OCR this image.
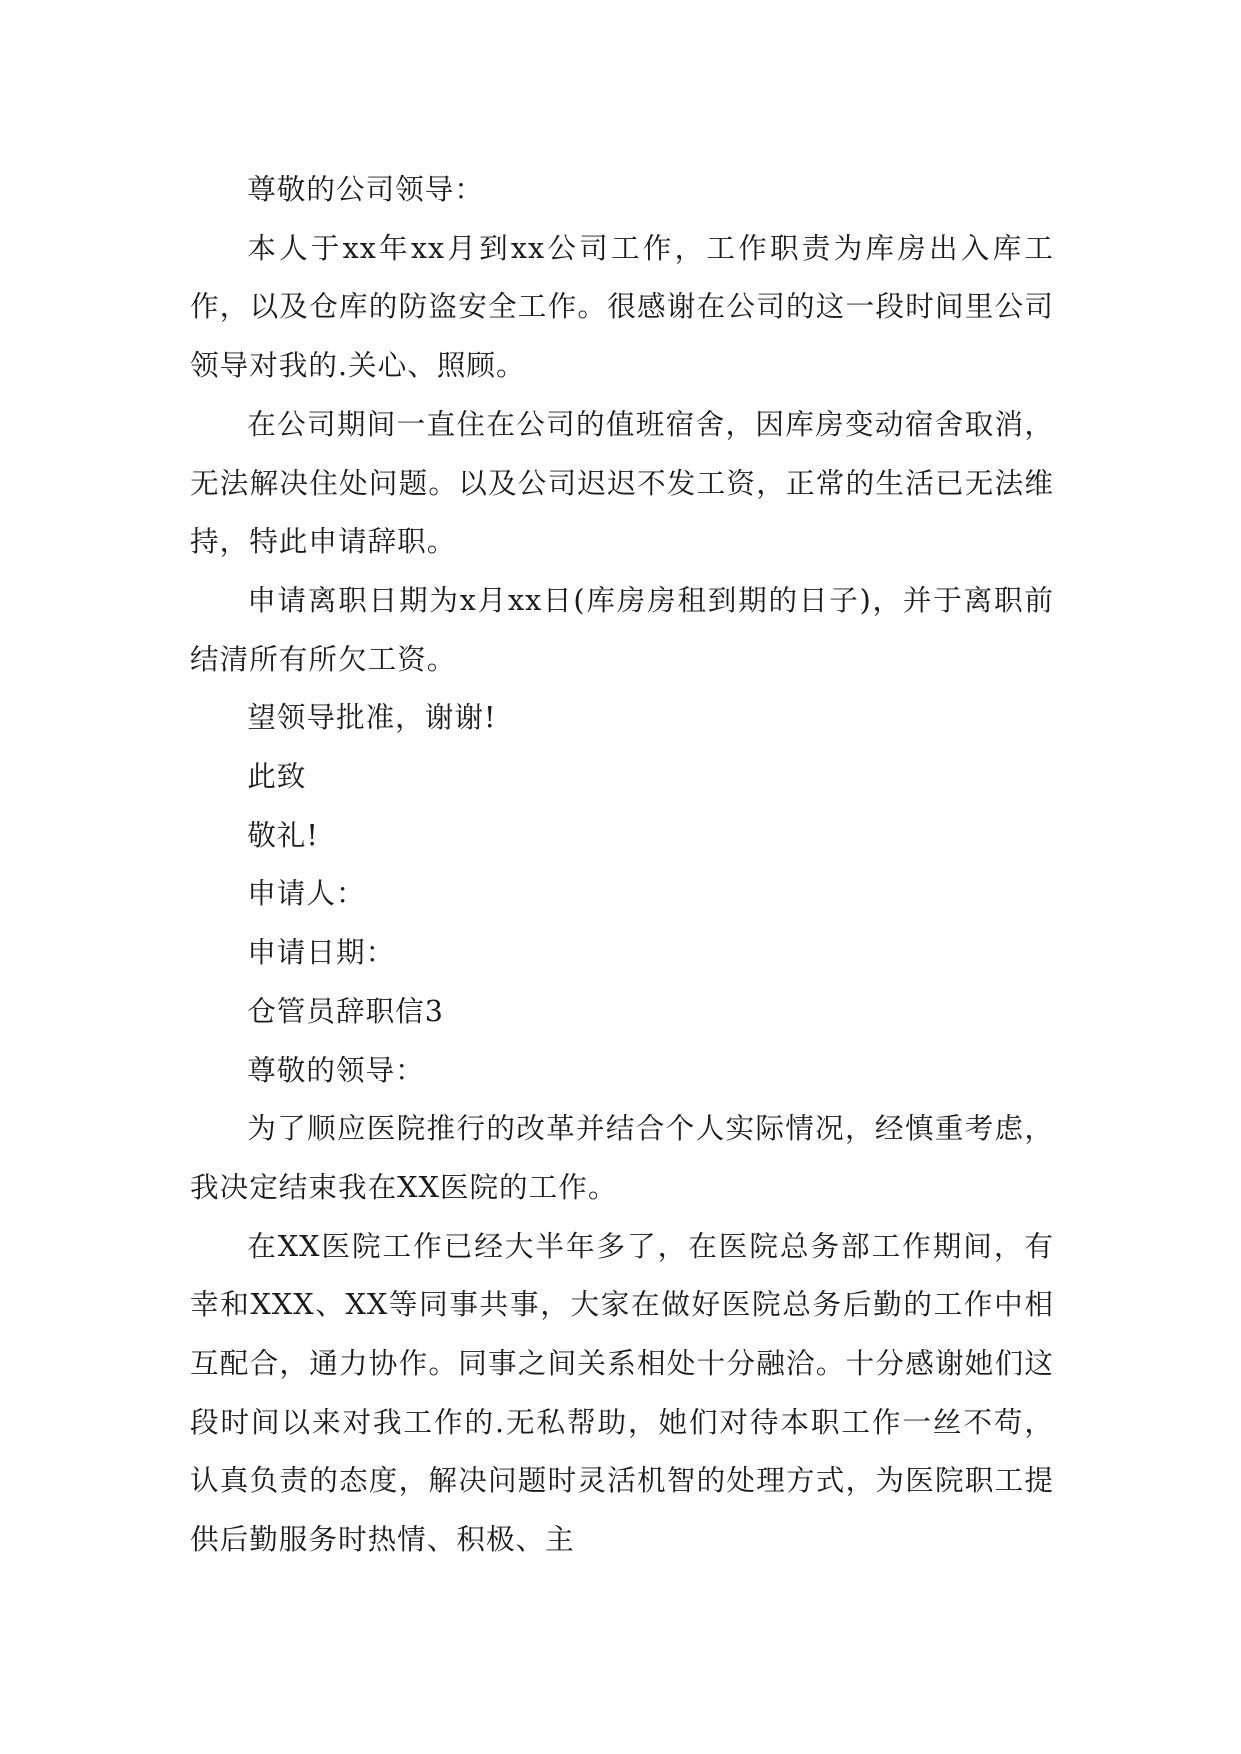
尊敬的公司领导：

本人于xx年xx月到xx公司工作，工作职责为库房出入库工作，以及仓库的防盗安全工作。很感谢在公司的这一段时间里公司领导对我的.关心、照顾。

在公司期间一直住在公司的值班宿舍，因库房变动宿舍取消，无法解决住处问题。以及公司迟迟不发工资，正常的生活已无法维持，特此申请辞职。

申请离职日期为x月xx日(库房房租到期的日子)，并于离职前结清所有所欠工资。

望领导批准，谢谢!

此致

敬礼!

申请人：

申请日期：

仓管员辞职信3

尊敬的领导：

为了顺应医院推行的改革并结合个人实际情况，经慎重考虑，我决定结束我在XX医院的工作。

在XX医院工作已经大半年多了，在医院总务部工作期间，有幸和XXX、XX等同事共事，大家在做好医院总务后勤的工作中相互配合，通力协作。同事之间关系相处十分融洽。十分感谢她们这段时间以来对我工作的.无私帮助，她们对待本职工作一丝不苟，认真负责的态度，解决问题时灵活机智的处理方式，为医院职工提供后勤服务时热情、积极、主
